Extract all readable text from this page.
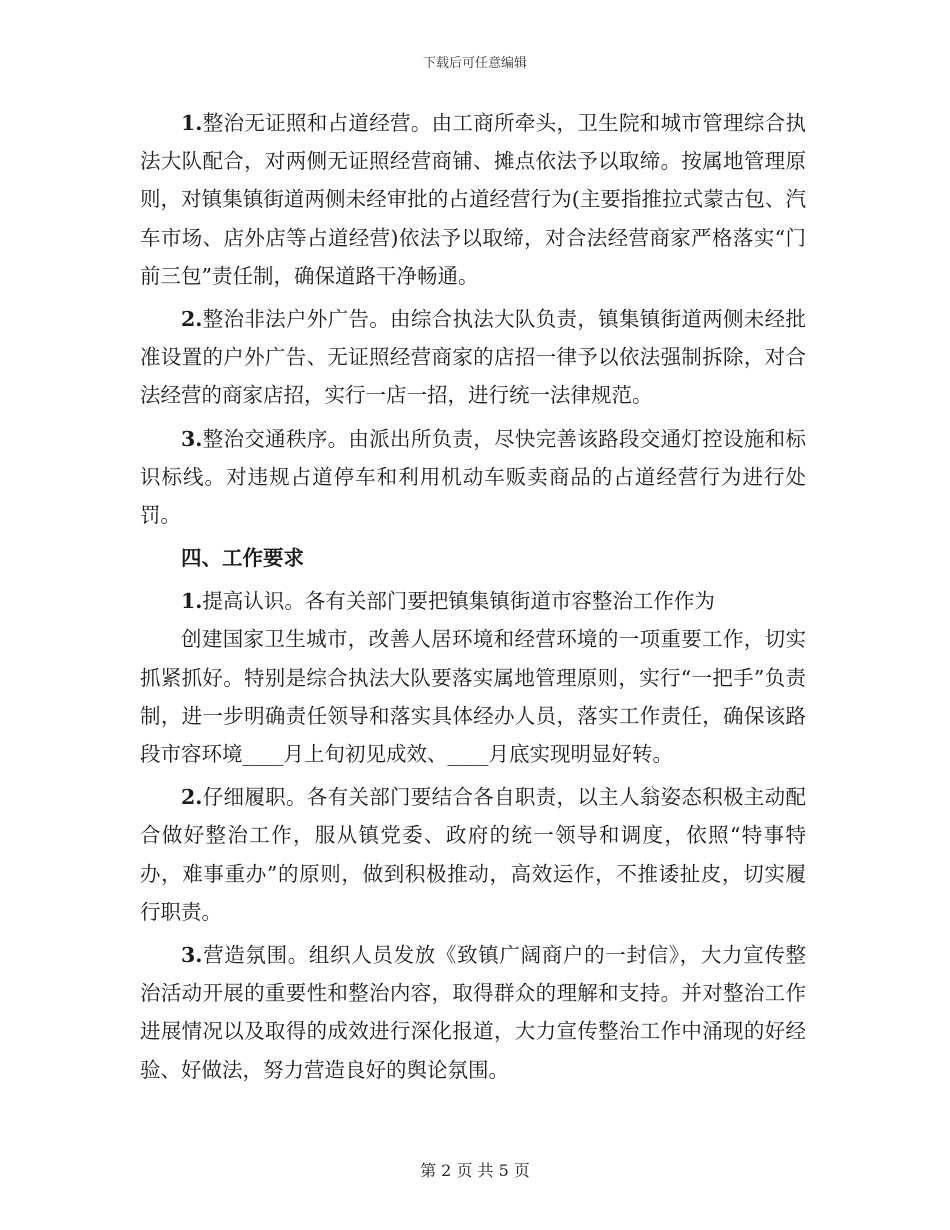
下载后可任意编辑

1.整治无证照和占道经营。由工商所牵头，卫生院和城市管理综合执法大队配合，对两侧无证照经营商铺、摊点依法予以取缔。按属地管理原则，对镇集镇街道两侧未经审批的占道经营行为(主要指推拉式蒙古包、汽车市场、店外店等占道经营)依法予以取缔，对合法经营商家严格落实“门前三包”责任制，确保道路干净畅通。

2.整治非法户外广告。由综合执法大队负责，镇集镇街道两侧未经批准设置的户外广告、无证照经营商家的店招一律予以依法强制拆除，对合法经营的商家店招，实行一店一招，进行统一法律规范。

3.整治交通秩序。由派出所负责，尽快完善该路段交通灯控设施和标识标线。对违规占道停车和利用机动车贩卖商品的占道经营行为进行处罚。

四、工作要求

1.提高认识。各有关部门要把镇集镇街道市容整治工作作为

创建国家卫生城市，改善人居环境和经营环境的一项重要工作，切实抓紧抓好。特别是综合执法大队要落实属地管理原则，实行“一把手”负责制，进一步明确责任领导和落实具体经办人员，落实工作责任，确保该路段市容环境____月上旬初见成效、____月底实现明显好转。

2.仔细履职。各有关部门要结合各自职责，以主人翁姿态积极主动配合做好整治工作，服从镇党委、政府的统一领导和调度，依照“特事特办，难事重办”的原则，做到积极推动，高效运作，不推诿扯皮，切实履行职责。

3.营造氛围。组织人员发放《致镇广阔商户的一封信》，大力宣传整治活动开展的重要性和整治内容，取得群众的理解和支持。并对整治工作进展情况以及取得的成效进行深化报道，大力宣传整治工作中涌现的好经验、好做法，努力营造良好的舆论氛围。

第 2 页 共 5 页
